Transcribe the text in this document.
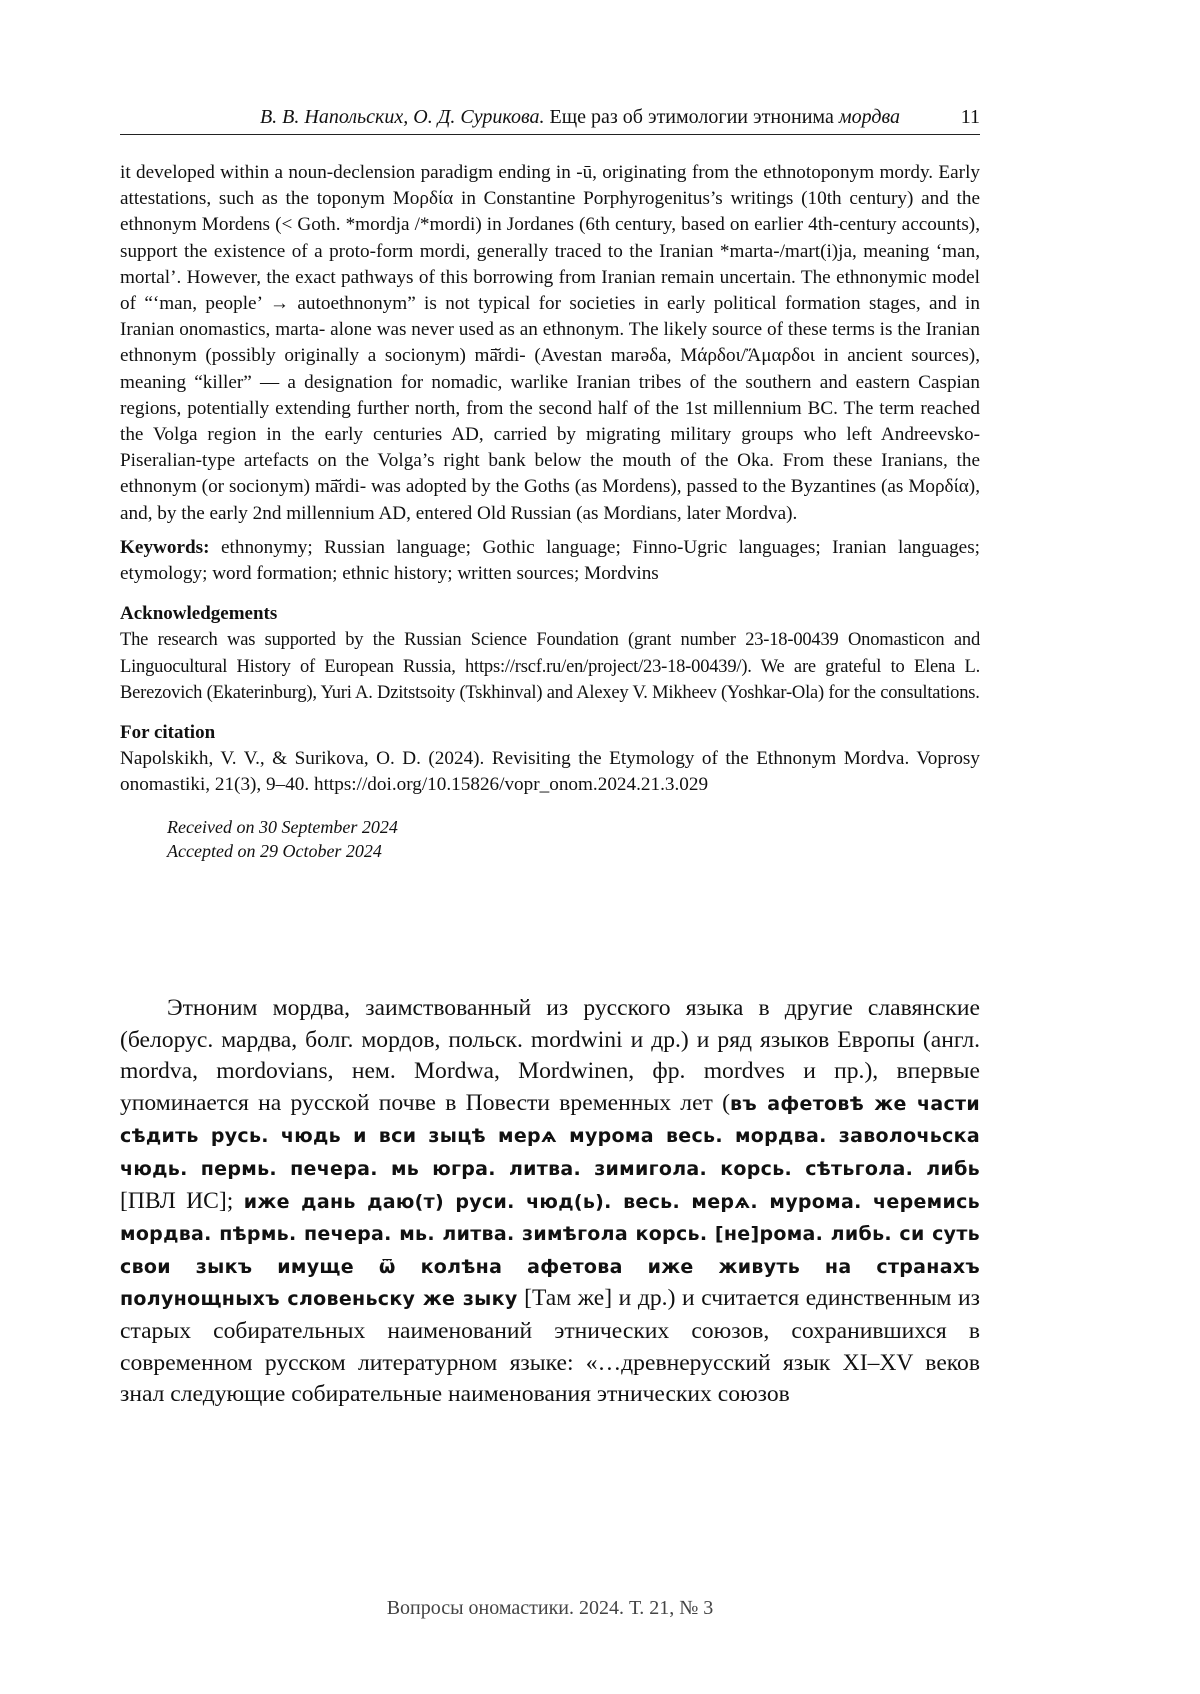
В. В. Напольских, О. Д. Сурикова. Еще раз об этимологии этнонима мордва	11

it developed within a noun-declension paradigm ending in -ū, originating from the ethnotoponym mordy. Early attestations, such as the toponym Μορδία in Constantine Porphyrogenitus’s writings (10th century) and the ethnonym Mordens (< Goth. *mordja /*mordi) in Jordanes (6th century, based on earlier 4th-century accounts), support the existence of a proto-form mordi, generally traced to the Iranian *marta-/mart(i)ja, meaning ‘man, mortal’. However, the exact pathways of this borrowing from Iranian remain uncertain. The ethnonymic model of “‘man, people’ → autoethnonym” is not typical for societies in early political formation stages, and in Iranian onomastics, marta- alone was never used as an ethnonym. The likely source of these terms is the Iranian ethnonym (possibly originally a socionym) mā̆rdi- (Avestan marəδa, Μάρδοι/Ἄμαρδοι in ancient sources), meaning “killer” — a designation for nomadic, warlike Iranian tribes of the southern and eastern Caspian regions, potentially extending further north, from the second half of the 1st millennium BC. The term reached the Volga region in the early centuries AD, carried by migrating military groups who left Andreevsko-Piseralian-type artefacts on the Volga’s right bank below the mouth of the Oka. From these Iranians, the ethnonym (or socionym) mā̆rdi- was adopted by the Goths (as Mordens), passed to the Byzantines (as Μορδία), and, by the early 2nd millennium AD, entered Old Russian (as Mordians, later Mordva).

Keywords: ethnonymy; Russian language; Gothic language; Finno-Ugric languages; Iranian languages; etymology; word formation; ethnic history; written sources; Mordvins

Acknowledgements

The research was supported by the Russian Science Foundation (grant number 23-18-00439 Onomasticon and Linguocultural History of European Russia, https://rscf.ru/en/project/23-18-00439/). We are grateful to Elena L. Berezovich (Ekaterinburg), Yuri A. Dzitstsoity (Tskhinval) and Alexey V. Mikheev (Yoshkar-Ola) for the consultations.

For citation

Napolskikh, V. V., & Surikova, O. D. (2024). Revisiting the Etymology of the Ethnonym Mordva. Voprosy onomastiki, 21(3), 9–40. https://doi.org/10.15826/vopr_onom.2024.21.3.029

Received on 30 September 2024
Accepted on 29 October 2024

Этноним мордва, заимствованный из русского языка в другие славянские (белорус. мардва, болг. мордов, польск. mordwini и др.) и ряд языков Европы (англ. mordva, mordovians, нем. Mordwa, Mordwinen, фр. mordves и пр.), впервые упоминается на русской почве в Повести временных лет (въ афетовѣ же части сѣдить русь. чюдь и вси зыцѣ мерѧ мурома весь. мордва. заволочьска чюдь. пермь. печера. мь югра. литва. зимигола. корсь. сѣтьгола. либь [ПВЛ ИС]; иже дань даю(т) руси. чюд(ь). весь. мерѧ. мурома. черемись мордва. пѣрмь. печера. мь. литва. зимѣгола корсь. [не]рома. либь. си суть свои зыкъ имуще ѿ колѣна афетова иже живуть на странахъ полунощныхъ словеньску же зыку [Там же] и др.) и считается единственным из старых собирательных наименований этнических союзов, сохранившихся в современном русском литературном языке: «…древнерусский язык XI–XV веков знал следующие собирательные наименования этнических союзов

Вопросы ономастики. 2024. Т. 21, № 3
